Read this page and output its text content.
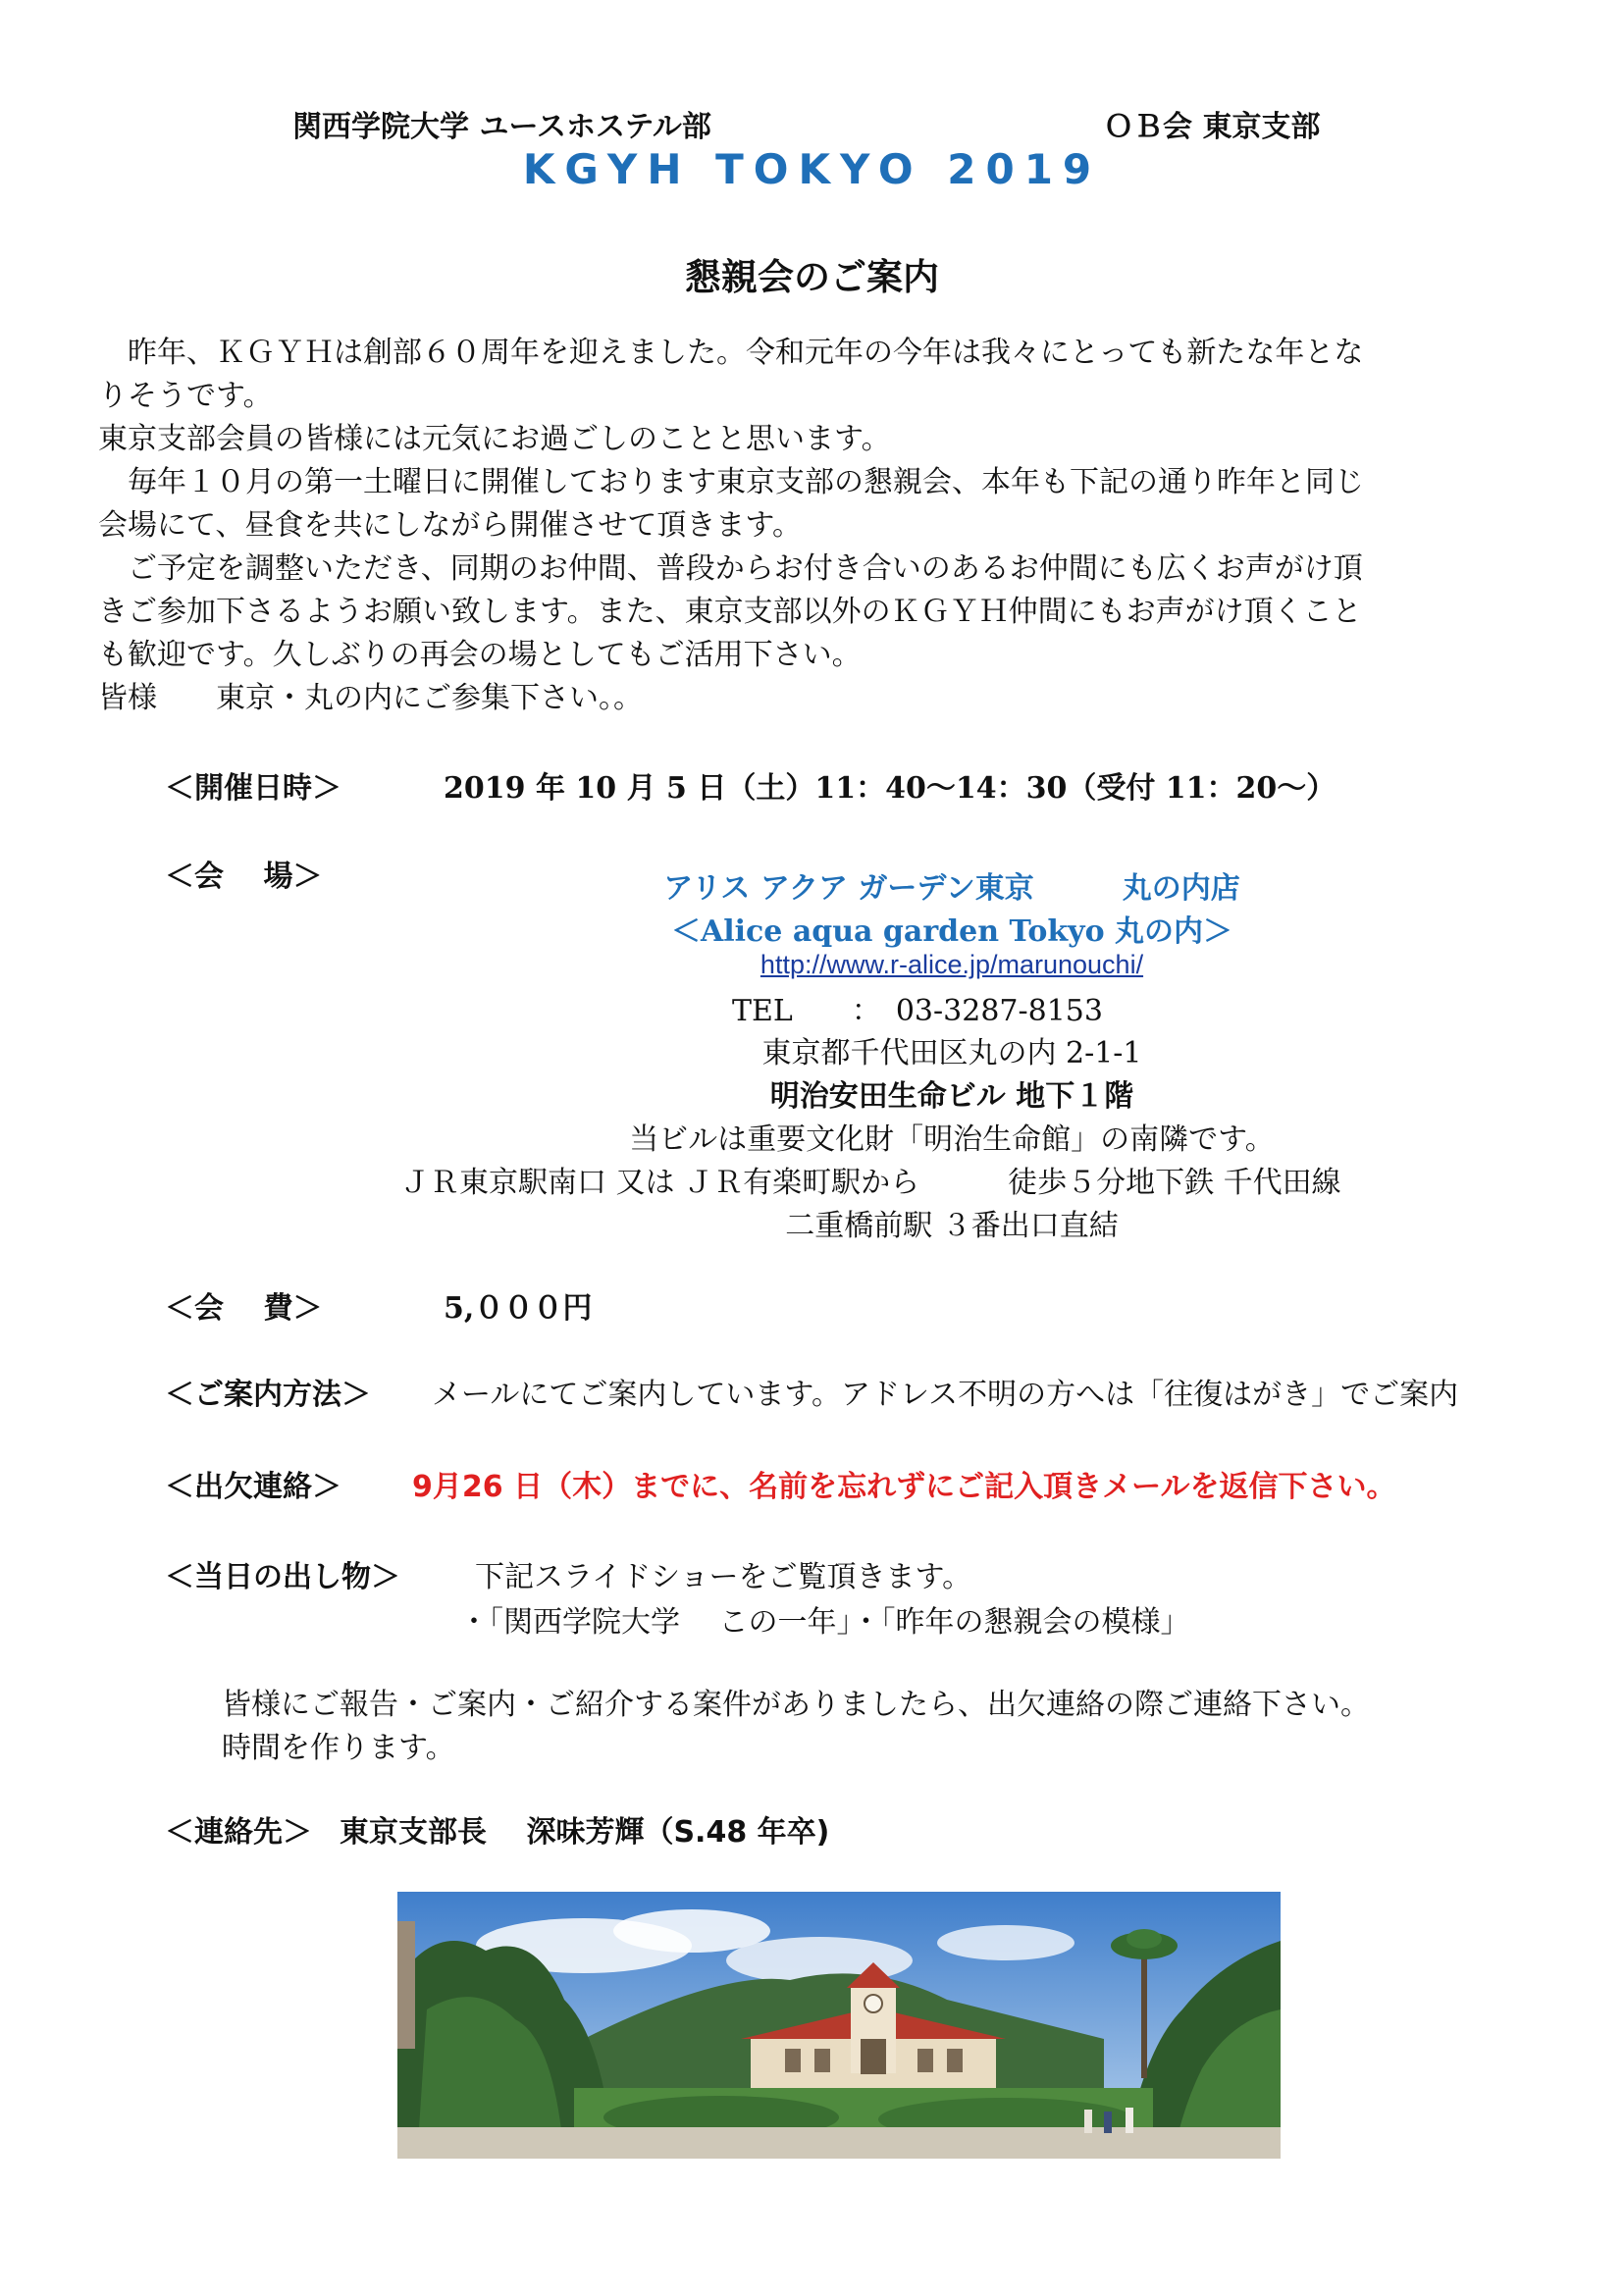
関西学院大学 ユースホステル部	ＯＢ会 東京支部
KGYH TOKYO 2019
懇親会のご案内
　昨年、ＫＧＹＨは創部６０周年を迎えました。令和元年の今年は我々にとっても新たな年とな
りそうです。
東京支部会員の皆様には元気にお過ごしのことと思います。
　毎年１０月の第一土曜日に開催しております東京支部の懇親会、本年も下記の通り昨年と同じ
会場にて、昼食を共にしながら開催させて頂きます。
　ご予定を調整いただき、同期のお仲間、普段からお付き合いのあるお仲間にも広くお声がけ頂
きご参加下さるようお願い致します。また、東京支部以外のＫＧＹＨ仲間にもお声がけ頂くこと
も歓迎です。久しぶりの再会の場としてもご活用下さい。
皆様　　東京・丸の内にご参集下さい。。
＜開催日時＞	2019 年 10 月 5 日（土）11：40～14：30（受付 11：20～）
＜会　 場＞	アリス アクア ガーデン東京　　　丸の内店
＜Alice aqua garden Tokyo 丸の内＞
http://www.r-alice.jp/marunouchi/
TEL　　：　03-3287-8153
東京都千代田区丸の内 2-1-1
明治安田生命ビル 地下１階
当ビルは重要文化財「明治生命館」の南隣です。
ＪＲ東京駅南口 又は ＪＲ有楽町駅から　　　徒歩５分地下鉄 千代田線
二重橋前駅 ３番出口直結
＜会　 費＞	5,０００円
＜ご案内方法＞ メールにてご案内しています。アドレス不明の方へは「往復はがき」でご案内
＜出欠連絡＞ 9月26 日（木）までに、名前を忘れずにご記入頂きメールを返信下さい。
＜当日の出し物＞	下記スライドショーをご覧頂きます。
・「関西学院大学　 この一年」・「昨年の懇親会の模様」
皆様にご報告・ご案内・ご紹介する案件がありましたら、出欠連絡の際ご連絡下さい。
時間を作ります。
＜連絡先＞ 東京支部長　 深味芳輝（S.48 年卒)
